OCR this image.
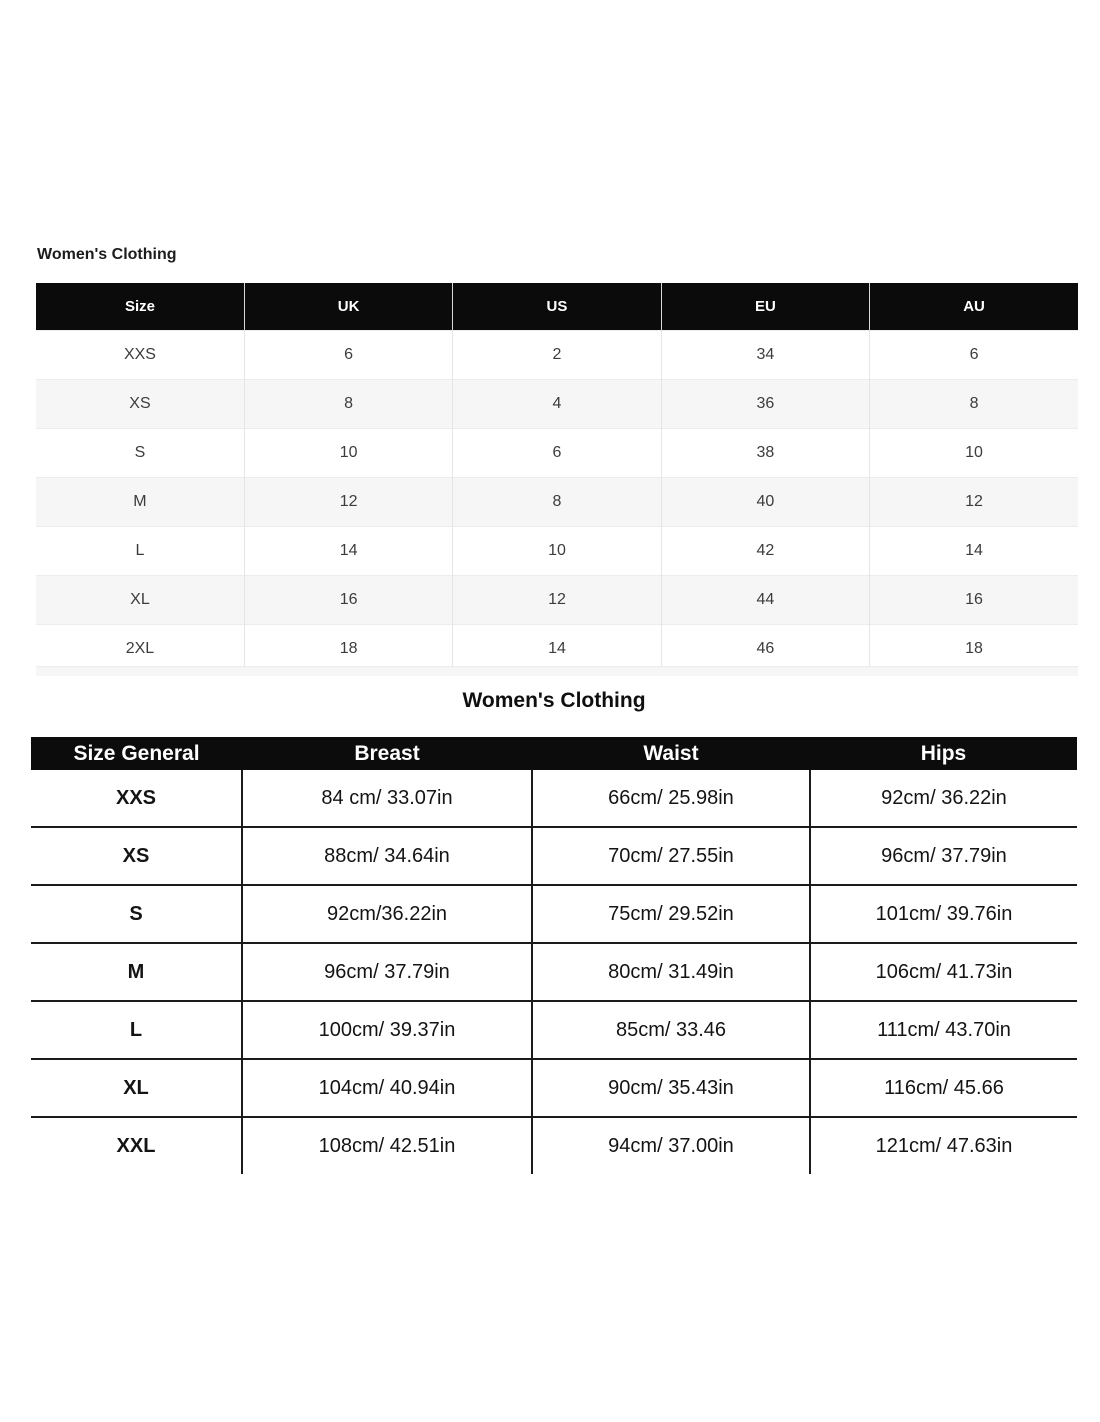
Women's Clothing
Size	UK	US	EU	AU
XXS	6	2	34	6
XS	8	4	36	8
S	10	6	38	10
M	12	8	40	12
L	14	10	42	14
XL	16	12	44	16
2XL	18	14	46	18
Women's Clothing
Size General	Breast	Waist	Hips
XXS	84 cm/ 33.07in	66cm/ 25.98in	92cm/ 36.22in
XS	88cm/ 34.64in	70cm/ 27.55in	96cm/ 37.79in
S	92cm/36.22in	75cm/ 29.52in	101cm/ 39.76in
M	96cm/ 37.79in	80cm/ 31.49in	106cm/ 41.73in
L	100cm/ 39.37in	85cm/ 33.46	111cm/ 43.70in
XL	104cm/ 40.94in	90cm/ 35.43in	116cm/ 45.66
XXL	108cm/ 42.51in	94cm/ 37.00in	121cm/ 47.63in
